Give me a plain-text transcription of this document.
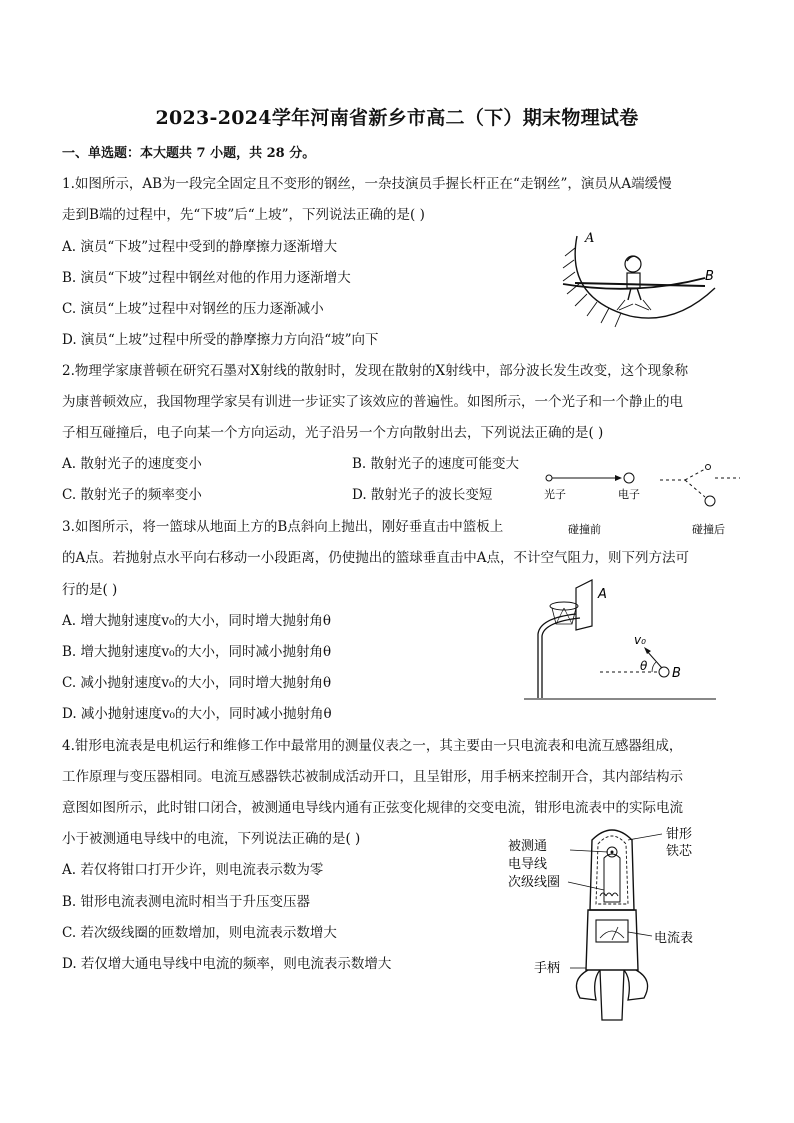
2023-2024学年河南省新乡市高二（下）期末物理试卷
一、单选题：本大题共 7 小题，共 28 分。
1.如图所示，AB为一段完全固定且不变形的钢丝，一杂技演员手握长杆正在“走钢丝”，演员从A端缓慢
走到B端的过程中，先“下坡”后“上坡”，下列说法正确的是( )
A. 演员“下坡”过程中受到的静摩擦力逐渐增大
B. 演员“下坡”过程中钢丝对他的作用力逐渐增大
C. 演员“上坡”过程中对钢丝的压力逐渐减小
D. 演员“上坡”过程中所受的静摩擦力方向沿“坡”向下
A
B
2.物理学家康普顿在研究石墨对X射线的散射时，发现在散射的X射线中，部分波长发生改变，这个现象称
为康普顿效应，我国物理学家吴有训进一步证实了该效应的普遍性。如图所示，一个光子和一个静止的电
子相互碰撞后，电子向某一个方向运动，光子沿另一个方向散射出去，下列说法正确的是( )
A. 散射光子的速度变小	B. 散射光子的速度可能变大
C. 散射光子的频率变小	D. 散射光子的波长变短	光子	电子
碰撞前	碰撞后
3.如图所示，将一篮球从地面上方的B点斜向上抛出，刚好垂直击中篮板上
的A点。若抛射点水平向右移动一小段距离，仍使抛出的篮球垂直击中A点，不计空气阻力，则下列方法可
行的是( )
A. 增大抛射速度v₀的大小，同时增大抛射角θ
B. 增大抛射速度v₀的大小，同时减小抛射角θ
C. 减小抛射速度v₀的大小，同时增大抛射角θ
D. 减小抛射速度v₀的大小，同时减小抛射角θ
A
B
v₀
θ
4.钳形电流表是电机运行和维修工作中最常用的测量仪表之一，其主要由一只电流表和电流互感器组成，
工作原理与变压器相同。电流互感器铁芯被制成活动开口，且呈钳形，用手柄来控制开合，其内部结构示
意图如图所示，此时钳口闭合，被测通电导线内通有正弦变化规律的交变电流，钳形电流表中的实际电流
小于被测通电导线中的电流，下列说法正确的是( )
A. 若仅将钳口打开少许，则电流表示数为零
B. 钳形电流表测电流时相当于升压变压器
C. 若次级线圈的匝数增加，则电流表示数增大
D. 若仅增大通电导线中电流的频率，则电流表示数增大
被测通
电导线
次级线圈
钳形
铁芯
电流表
手柄
